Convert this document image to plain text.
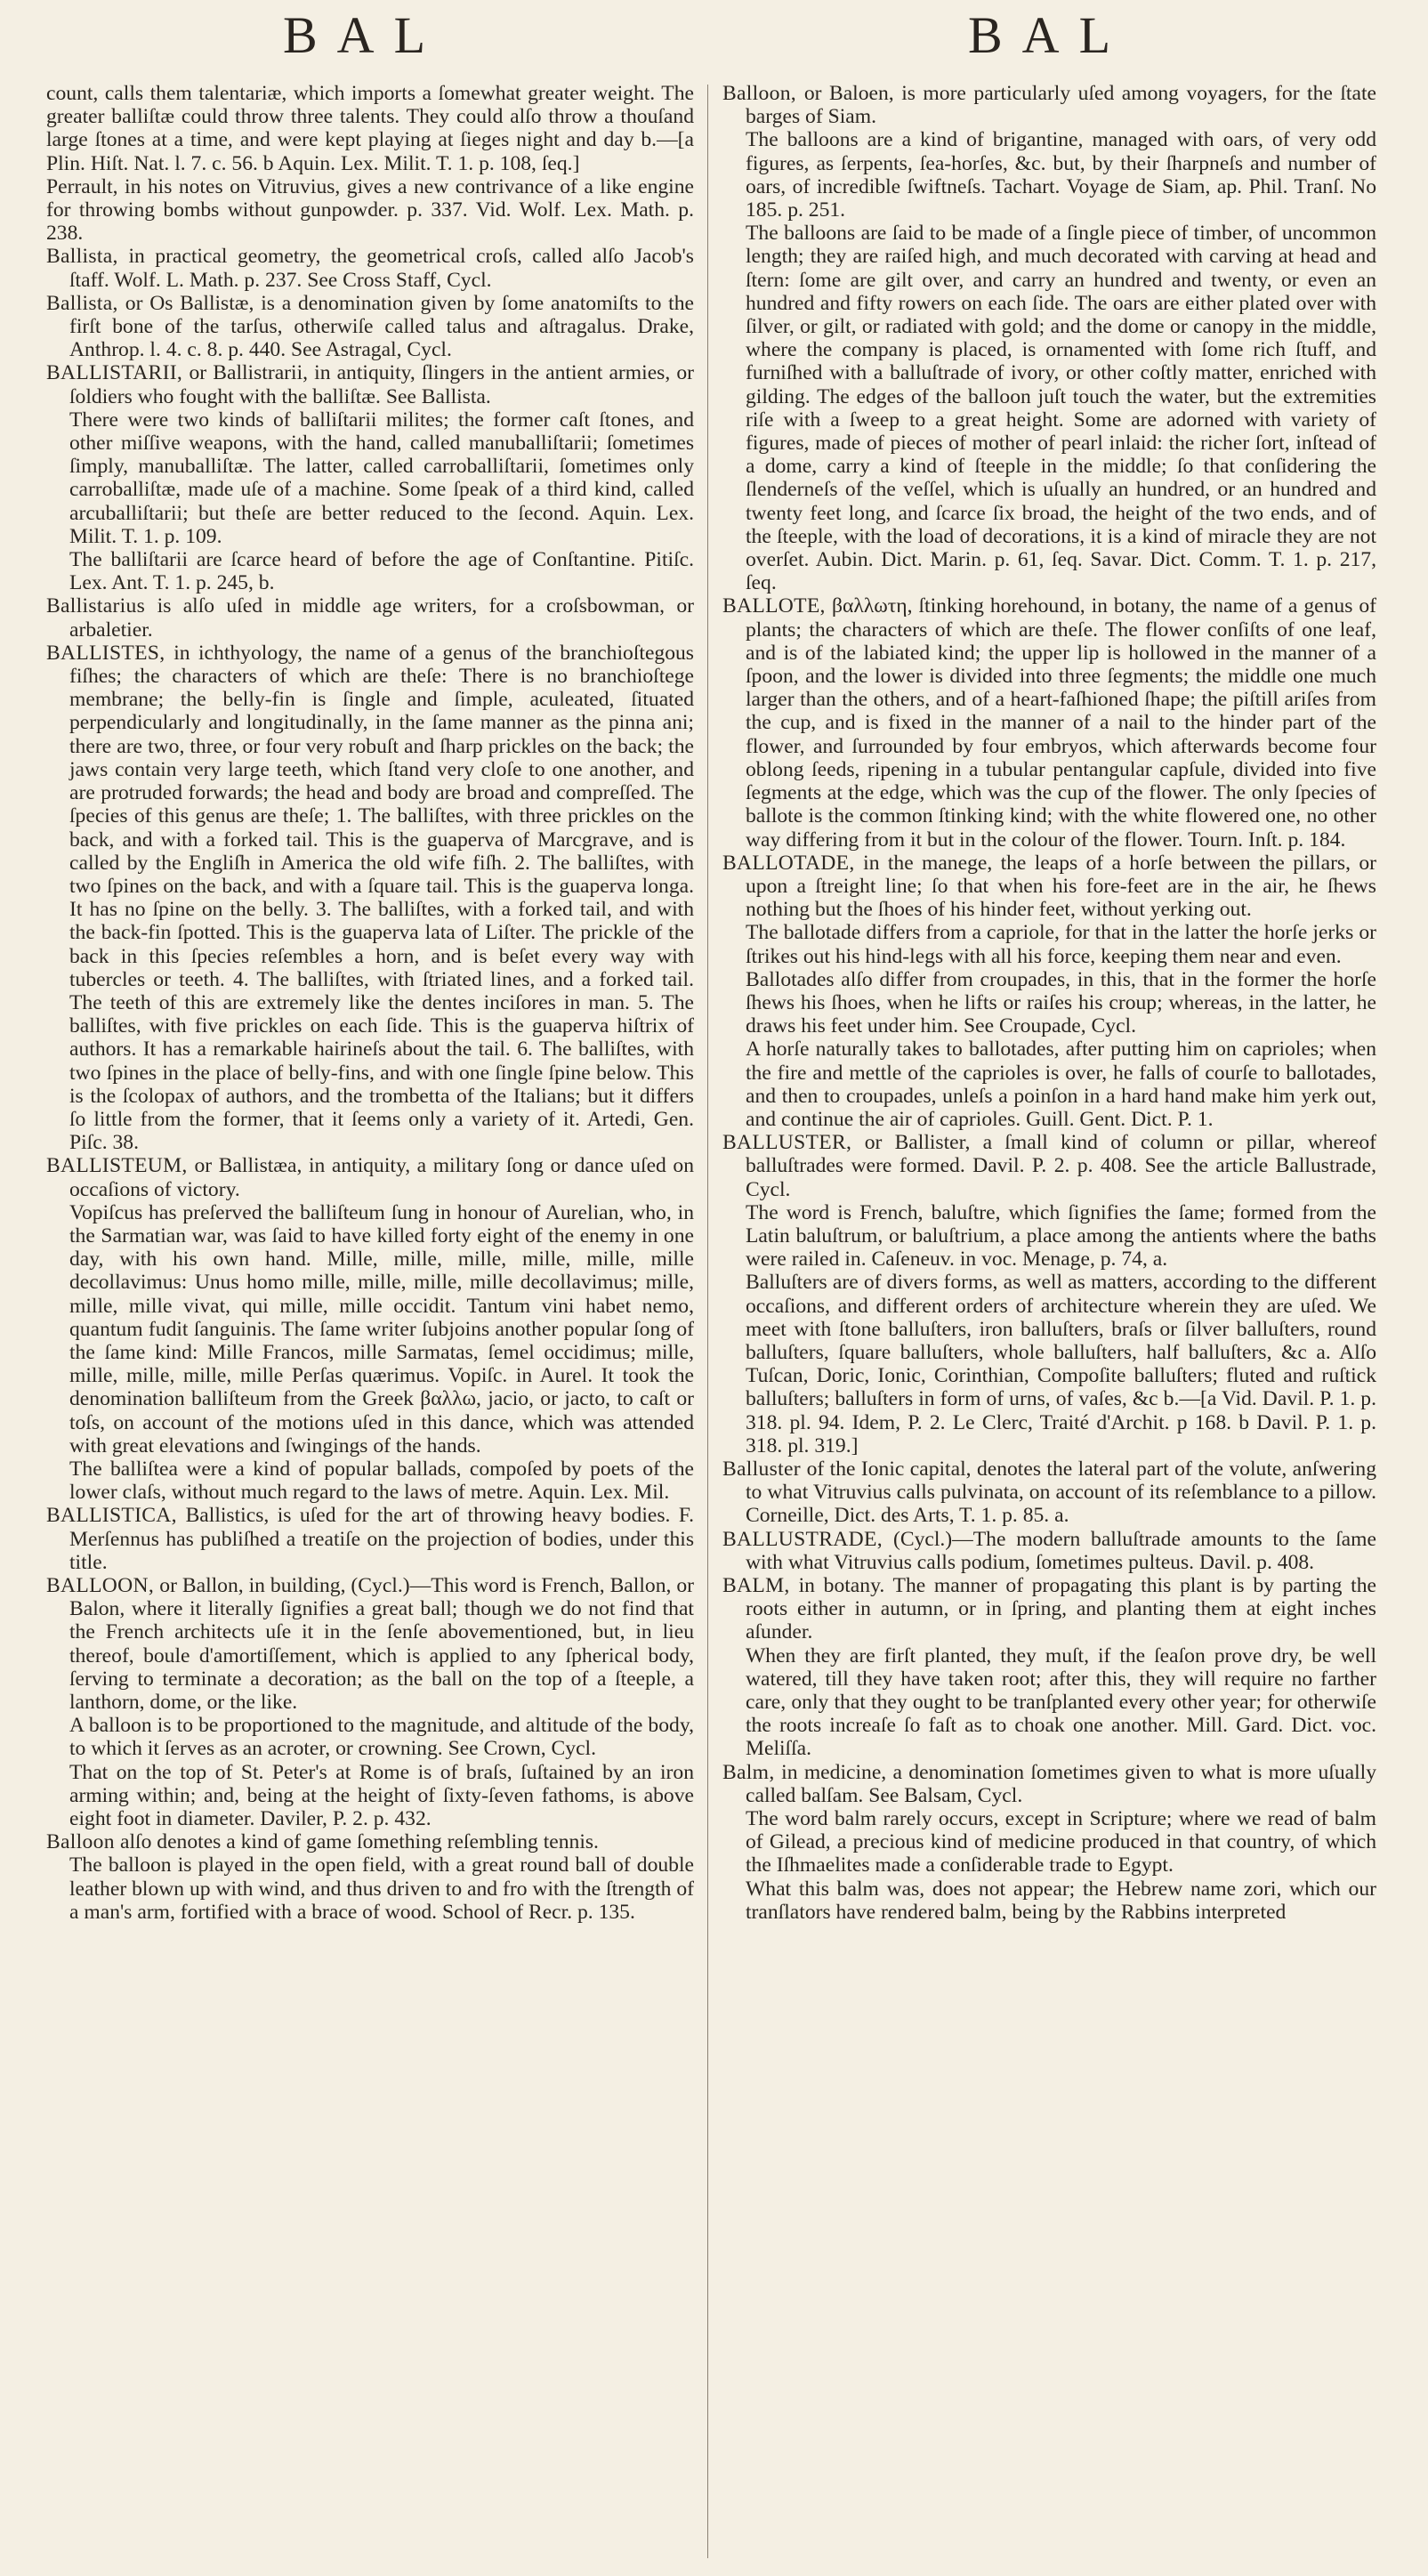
BAL	BAL
count, calls them talentariæ, which imports a ſomewhat greater weight. The greater balliſtæ could throw three talents. They could alſo throw a thouſand large ſtones at a time, and were kept playing at ſieges night and day b.—[a Plin. Hiſt. Nat. l. 7. c. 56. b Aquin. Lex. Milit. T. 1. p. 108, ſeq.]
Perrault, in his notes on Vitruvius, gives a new contrivance of a like engine for throwing bombs without gunpowder. p. 337. Vid. Wolf. Lex. Math. p. 238.
Ballista, in practical geometry, the geometrical croſs, called alſo Jacob's ſtaff. Wolf. L. Math. p. 237. See Cross Staff, Cycl.
Ballista, or Os Ballistæ, is a denomination given by ſome anatomiſts to the firſt bone of the tarſus, otherwiſe called talus and aſtragalus. Drake, Anthrop. l. 4. c. 8. p. 440. See Astragal, Cycl.
BALLISTARII, or Ballistrarii, in antiquity, ſlingers in the antient armies, or ſoldiers who fought with the balliſtæ. See Ballista.
There were two kinds of balliſtarii milites; the former caſt ſtones, and other miſſive weapons, with the hand, called manuballiſtarii; ſometimes ſimply, manuballiſtæ. The latter, called carroballiſtarii, ſometimes only carroballiſtæ, made uſe of a machine. Some ſpeak of a third kind, called arcuballiſtarii; but theſe are better reduced to the ſecond. Aquin. Lex. Milit. T. 1. p. 109.
The balliſtarii are ſcarce heard of before the age of Conſtantine. Pitiſc. Lex. Ant. T. 1. p. 245, b.
Ballistarius is alſo uſed in middle age writers, for a croſsbowman, or arbaletier.
BALLISTES, in ichthyology, the name of a genus of the branchioſtegous fiſhes; the characters of which are theſe: There is no branchioſtege membrane; the belly-fin is ſingle and ſimple, aculeated, ſituated perpendicularly and longitudinally, in the ſame manner as the pinna ani; there are two, three, or four very robuſt and ſharp prickles on the back; the jaws contain very large teeth, which ſtand very cloſe to one another, and are protruded forwards; the head and body are broad and compreſſed. The ſpecies of this genus are theſe; 1. The balliſtes, with three prickles on the back, and with a forked tail. This is the guaperva of Marcgrave, and is called by the Engliſh in America the old wife fiſh. 2. The balliſtes, with two ſpines on the back, and with a ſquare tail. This is the guaperva longa. It has no ſpine on the belly. 3. The balliſtes, with a forked tail, and with the back-fin ſpotted. This is the guaperva lata of Liſter. The prickle of the back in this ſpecies reſembles a horn, and is beſet every way with tubercles or teeth. 4. The balliſtes, with ſtriated lines, and a forked tail. The teeth of this are extremely like the dentes inciſores in man. 5. The balliſtes, with five prickles on each ſide. This is the guaperva hiſtrix of authors. It has a remarkable hairineſs about the tail. 6. The balliſtes, with two ſpines in the place of belly-fins, and with one ſingle ſpine below. This is the ſcolopax of authors, and the trombetta of the Italians; but it differs ſo little from the former, that it ſeems only a variety of it. Artedi, Gen. Piſc. 38.
BALLISTEUM, or Ballistæa, in antiquity, a military ſong or dance uſed on occaſions of victory.
Vopiſcus has preſerved the balliſteum ſung in honour of Aurelian, who, in the Sarmatian war, was ſaid to have killed forty eight of the enemy in one day, with his own hand. Mille, mille, mille, mille, mille, mille decollavimus: Unus homo mille, mille, mille, mille decollavimus; mille, mille, mille vivat, qui mille, mille occidit. Tantum vini habet nemo, quantum fudit ſanguinis. The ſame writer ſubjoins another popular ſong of the ſame kind: Mille Francos, mille Sarmatas, ſemel occidimus; mille, mille, mille, mille, mille Perſas quærimus. Vopiſc. in Aurel. It took the denomination balliſteum from the Greek βαλλω, jacio, or jacto, to caſt or toſs, on account of the motions uſed in this dance, which was attended with great elevations and ſwingings of the hands.
The balliſtea were a kind of popular ballads, compoſed by poets of the lower claſs, without much regard to the laws of metre. Aquin. Lex. Mil.
BALLISTICA, Ballistics, is uſed for the art of throwing heavy bodies. F. Merſennus has publiſhed a treatiſe on the projection of bodies, under this title.
BALLOON, or Ballon, in building, (Cycl.)—This word is French, Ballon, or Balon, where it literally ſignifies a great ball; though we do not find that the French architects uſe it in the ſenſe abovementioned, but, in lieu thereof, boule d'amortiſſement, which is applied to any ſpherical body, ſerving to terminate a decoration; as the ball on the top of a ſteeple, a lanthorn, dome, or the like.
A balloon is to be proportioned to the magnitude, and altitude of the body, to which it ſerves as an acroter, or crowning. See Crown, Cycl.
That on the top of St. Peter's at Rome is of braſs, ſuſtained by an iron arming within; and, being at the height of ſixty-ſeven fathoms, is above eight foot in diameter. Daviler, P. 2. p. 432.
Balloon alſo denotes a kind of game ſomething reſembling tennis.
The balloon is played in the open field, with a great round ball of double leather blown up with wind, and thus driven to and fro with the ſtrength of a man's arm, fortified with a brace of wood. School of Recr. p. 135.
Balloon, or Baloen, is more particularly uſed among voyagers, for the ſtate barges of Siam.
The balloons are a kind of brigantine, managed with oars, of very odd figures, as ſerpents, ſea-horſes, &c. but, by their ſharpneſs and number of oars, of incredible ſwiftneſs. Tachart. Voyage de Siam, ap. Phil. Tranſ. No 185. p. 251.
The balloons are ſaid to be made of a ſingle piece of timber, of uncommon length; they are raiſed high, and much decorated with carving at head and ſtern: ſome are gilt over, and carry an hundred and twenty, or even an hundred and fifty rowers on each ſide. The oars are either plated over with ſilver, or gilt, or radiated with gold; and the dome or canopy in the middle, where the company is placed, is ornamented with ſome rich ſtuff, and furniſhed with a balluſtrade of ivory, or other coſtly matter, enriched with gilding. The edges of the balloon juſt touch the water, but the extremities riſe with a ſweep to a great height. Some are adorned with variety of figures, made of pieces of mother of pearl inlaid: the richer ſort, inſtead of a dome, carry a kind of ſteeple in the middle; ſo that conſidering the ſlenderneſs of the veſſel, which is uſually an hundred, or an hundred and twenty feet long, and ſcarce ſix broad, the height of the two ends, and of the ſteeple, with the load of decorations, it is a kind of miracle they are not overſet. Aubin. Dict. Marin. p. 61, ſeq. Savar. Dict. Comm. T. 1. p. 217, ſeq.
BALLOTE, βαλλωτη, ſtinking horehound, in botany, the name of a genus of plants; the characters of which are theſe. The flower conſiſts of one leaf, and is of the labiated kind; the upper lip is hollowed in the manner of a ſpoon, and the lower is divided into three ſegments; the middle one much larger than the others, and of a heart-faſhioned ſhape; the piſtill ariſes from the cup, and is fixed in the manner of a nail to the hinder part of the flower, and ſurrounded by four embryos, which afterwards become four oblong ſeeds, ripening in a tubular pentangular capſule, divided into five ſegments at the edge, which was the cup of the flower. The only ſpecies of ballote is the common ſtinking kind; with the white flowered one, no other way differing from it but in the colour of the flower. Tourn. Inſt. p. 184.
BALLOTADE, in the manege, the leaps of a horſe between the pillars, or upon a ſtreight line; ſo that when his fore-feet are in the air, he ſhews nothing but the ſhoes of his hinder feet, without yerking out.
The ballotade differs from a capriole, for that in the latter the horſe jerks or ſtrikes out his hind-legs with all his force, keeping them near and even.
Ballotades alſo differ from croupades, in this, that in the former the horſe ſhews his ſhoes, when he lifts or raiſes his croup; whereas, in the latter, he draws his feet under him. See Croupade, Cycl.
A horſe naturally takes to ballotades, after putting him on caprioles; when the fire and mettle of the caprioles is over, he falls of courſe to ballotades, and then to croupades, unleſs a poinſon in a hard hand make him yerk out, and continue the air of caprioles. Guill. Gent. Dict. P. 1.
BALLUSTER, or Ballister, a ſmall kind of column or pillar, whereof balluſtrades were formed. Davil. P. 2. p. 408. See the article Ballustrade, Cycl.
The word is French, baluſtre, which ſignifies the ſame; formed from the Latin baluſtrum, or baluſtrium, a place among the antients where the baths were railed in. Caſeneuv. in voc. Menage, p. 74, a.
Balluſters are of divers forms, as well as matters, according to the different occaſions, and different orders of architecture wherein they are uſed. We meet with ſtone balluſters, iron balluſters, braſs or ſilver balluſters, round balluſters, ſquare balluſters, whole balluſters, half balluſters, &c a. Alſo Tuſcan, Doric, Ionic, Corinthian, Compoſite balluſters; fluted and ruſtick balluſters; balluſters in form of urns, of vaſes, &c b.—[a Vid. Davil. P. 1. p. 318. pl. 94. Idem, P. 2. Le Clerc, Traité d'Archit. p 168. b Davil. P. 1. p. 318. pl. 319.]
Balluster of the Ionic capital, denotes the lateral part of the volute, anſwering to what Vitruvius calls pulvinata, on account of its reſemblance to a pillow. Corneille, Dict. des Arts, T. 1. p. 85. a.
BALLUSTRADE, (Cycl.)—The modern balluſtrade amounts to the ſame with what Vitruvius calls podium, ſometimes pulteus. Davil. p. 408.
BALM, in botany. The manner of propagating this plant is by parting the roots either in autumn, or in ſpring, and planting them at eight inches aſunder.
When they are firſt planted, they muſt, if the ſeaſon prove dry, be well watered, till they have taken root; after this, they will require no farther care, only that they ought to be tranſplanted every other year; for otherwiſe the roots increaſe ſo faſt as to choak one another. Mill. Gard. Dict. voc. Meliſſa.
Balm, in medicine, a denomination ſometimes given to what is more uſually called balſam. See Balsam, Cycl.
The word balm rarely occurs, except in Scripture; where we read of balm of Gilead, a precious kind of medicine produced in that country, of which the Iſhmaelites made a conſiderable trade to Egypt.
What this balm was, does not appear; the Hebrew name zori, which our tranſlators have rendered balm, being by the Rabbins interpreted
